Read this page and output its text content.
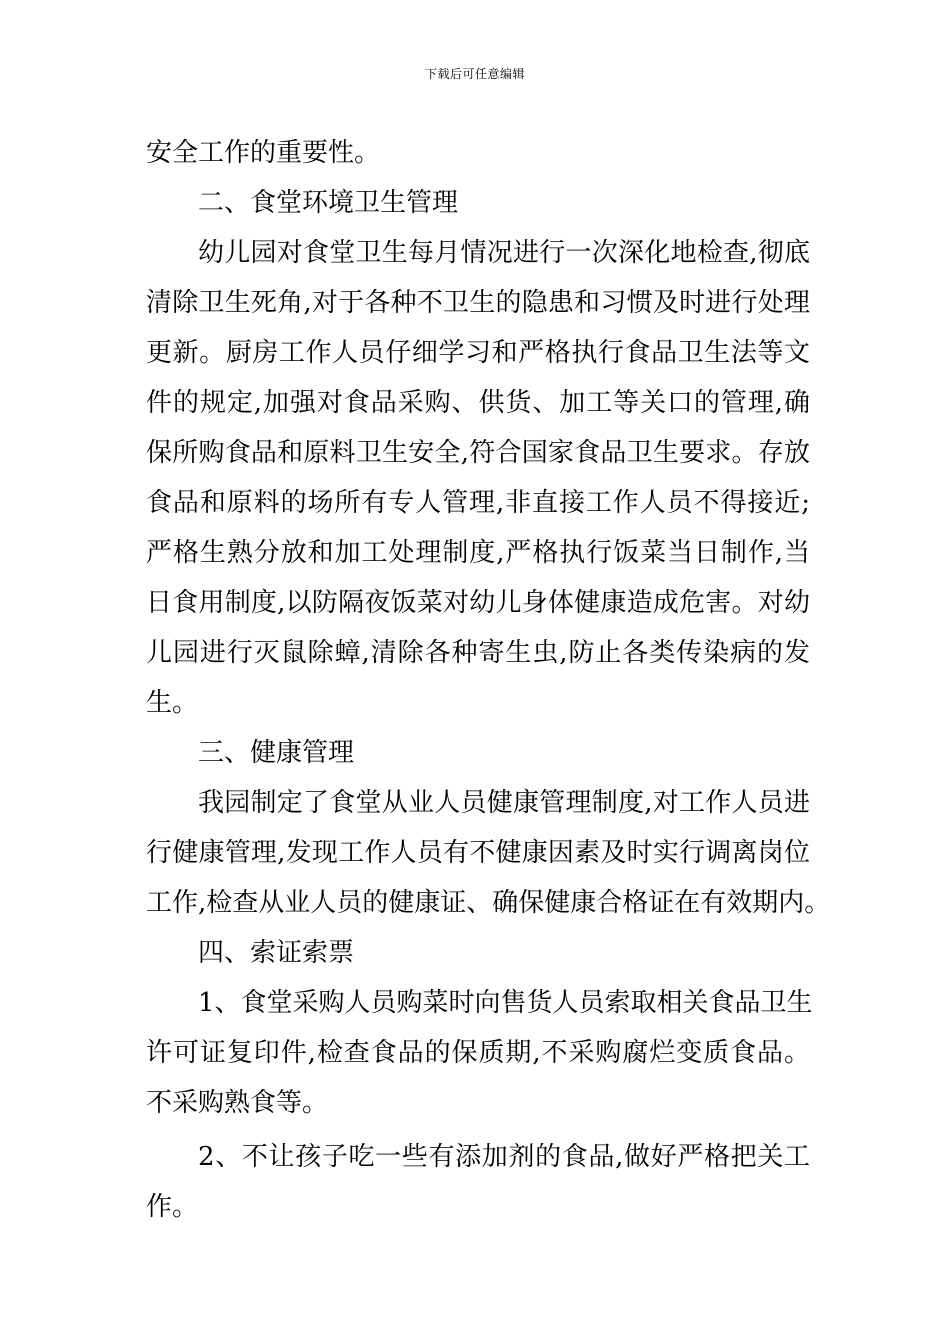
下载后可任意编辑
安全工作的重要性。
二、食堂环境卫生管理
幼儿园对食堂卫生每月情况进行一次深化地检查,彻底
清除卫生死角,对于各种不卫生的隐患和习惯及时进行处理
更新。厨房工作人员仔细学习和严格执行食品卫生法等文
件的规定,加强对食品采购、供货、加工等关口的管理,确
保所购食品和原料卫生安全,符合国家食品卫生要求。存放
食品和原料的场所有专人管理,非直接工作人员不得接近;
严格生熟分放和加工处理制度,严格执行饭菜当日制作,当
日食用制度,以防隔夜饭菜对幼儿身体健康造成危害。对幼
儿园进行灭鼠除蟑,清除各种寄生虫,防止各类传染病的发
生。
三、健康管理
我园制定了食堂从业人员健康管理制度,对工作人员进
行健康管理,发现工作人员有不健康因素及时实行调离岗位
工作,检查从业人员的健康证、确保健康合格证在有效期内。
四、索证索票
1、食堂采购人员购菜时向售货人员索取相关食品卫生
许可证复印件,检查食品的保质期,不采购腐烂变质食品。
不采购熟食等。
2、不让孩子吃一些有添加剂的食品,做好严格把关工
作。
